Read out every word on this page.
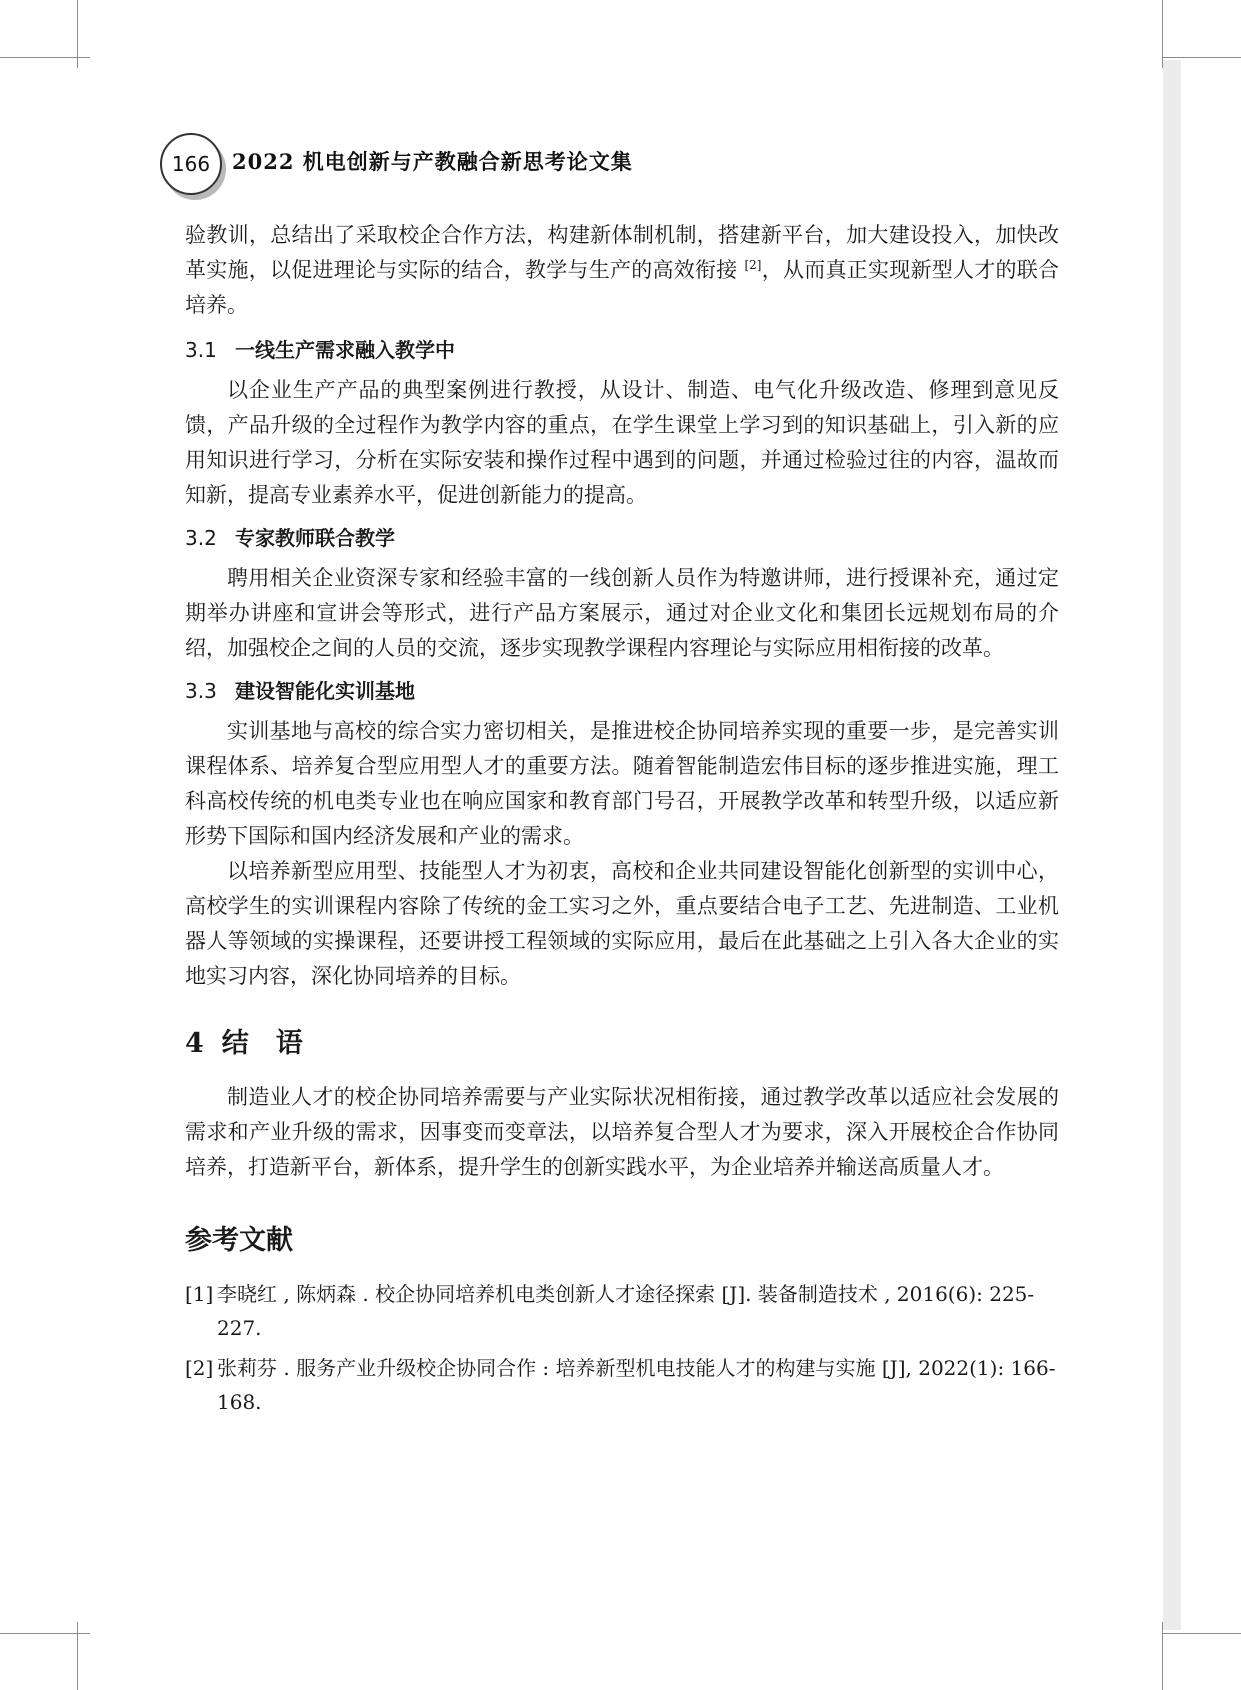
166 2022 机电创新与产教融合新思考论文集

验教训，总结出了采取校企合作方法，构建新体制机制，搭建新平台，加大建设投入，加快改革实施，以促进理论与实际的结合，教学与生产的高效衔接 [2]，从而真正实现新型人才的联合培养。

3.1 一线生产需求融入教学中

以企业生产产品的典型案例进行教授，从设计、制造、电气化升级改造、修理到意见反馈，产品升级的全过程作为教学内容的重点，在学生课堂上学习到的知识基础上，引入新的应用知识进行学习，分析在实际安装和操作过程中遇到的问题，并通过检验过往的内容，温故而知新，提高专业素养水平，促进创新能力的提高。

3.2 专家教师联合教学

聘用相关企业资深专家和经验丰富的一线创新人员作为特邀讲师，进行授课补充，通过定期举办讲座和宣讲会等形式，进行产品方案展示，通过对企业文化和集团长远规划布局的介绍，加强校企之间的人员的交流，逐步实现教学课程内容理论与实际应用相衔接的改革。

3.3 建设智能化实训基地

实训基地与高校的综合实力密切相关，是推进校企协同培养实现的重要一步，是完善实训课程体系、培养复合型应用型人才的重要方法。随着智能制造宏伟目标的逐步推进实施，理工科高校传统的机电类专业也在响应国家和教育部门号召，开展教学改革和转型升级，以适应新形势下国际和国内经济发展和产业的需求。

以培养新型应用型、技能型人才为初衷，高校和企业共同建设智能化创新型的实训中心，高校学生的实训课程内容除了传统的金工实习之外，重点要结合电子工艺、先进制造、工业机器人等领域的实操课程，还要讲授工程领域的实际应用，最后在此基础之上引入各大企业的实地实习内容，深化协同培养的目标。

4 结　语

制造业人才的校企协同培养需要与产业实际状况相衔接，通过教学改革以适应社会发展的需求和产业升级的需求，因事变而变章法，以培养复合型人才为要求，深入开展校企合作协同培养，打造新平台，新体系，提升学生的创新实践水平，为企业培养并输送高质量人才。

参考文献
[1] 李晓红 , 陈炳森 . 校企协同培养机电类创新人才途径探索 [J]. 装备制造技术 , 2016(6): 225-227.
[2] 张莉芬 . 服务产业升级校企协同合作 : 培养新型机电技能人才的构建与实施 [J], 2022(1): 166-168.
